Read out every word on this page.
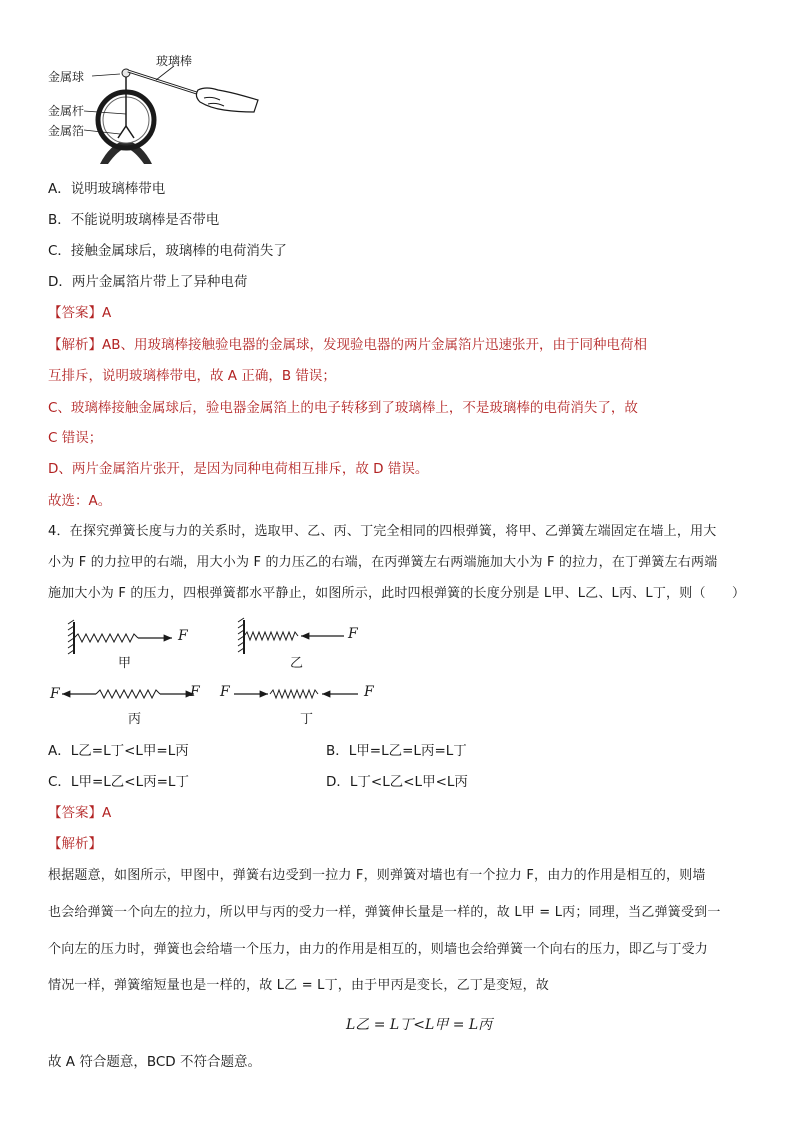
玻璃棒
金属球
金属杆
金属箔
A．说明玻璃棒带电
B．不能说明玻璃棒是否带电
C．接触金属球后，玻璃棒的电荷消失了
D．两片金属箔片带上了异种电荷
【答案】A
【解析】AB、用玻璃棒接触验电器的金属球，发现验电器的两片金属箔片迅速张开，由于同种电荷相
互排斥，说明玻璃棒带电，故 A 正确，B 错误；
C、玻璃棒接触金属球后，验电器金属箔上的电子转移到了玻璃棒上，不是玻璃棒的电荷消失了，故
C 错误；
D、两片金属箔片张开，是因为同种电荷相互排斥，故 D 错误。
故选：A。
4．在探究弹簧长度与力的关系时，选取甲、乙、丙、丁完全相同的四根弹簧，将甲、乙弹簧左端固定在墙上，用大
小为 F 的力拉甲的右端，用大小为 F 的力压乙的右端，在丙弹簧左右两端施加大小为 F 的拉力，在丁弹簧左右两端
施加大小为 F 的压力，四根弹簧都水平静止，如图所示，此时四根弹簧的长度分别是 L甲、L乙、L丙、L丁，则（　　）
F	F
F	F F	F
甲	乙
丙	丁
A．L乙=L丁<L甲=L丙	B．L甲=L乙=L丙=L丁
C．L甲=L乙<L丙=L丁	D．L丁<L乙<L甲<L丙
【答案】A
【解析】
根据题意，如图所示，甲图中，弹簧右边受到一拉力 F，则弹簧对墙也有一个拉力 F，由力的作用是相互的，则墙
也会给弹簧一个向左的拉力，所以甲与丙的受力一样，弹簧伸长量是一样的，故 L甲 = L丙；同理，当乙弹簧受到一
个向左的压力时，弹簧也会给墙一个压力，由力的作用是相互的，则墙也会给弹簧一个向右的压力，即乙与丁受力
情况一样，弹簧缩短量也是一样的，故 L乙 = L丁，由于甲丙是变长，乙丁是变短，故
L乙 = L丁<L甲 = L丙
故 A 符合题意，BCD 不符合题意。
